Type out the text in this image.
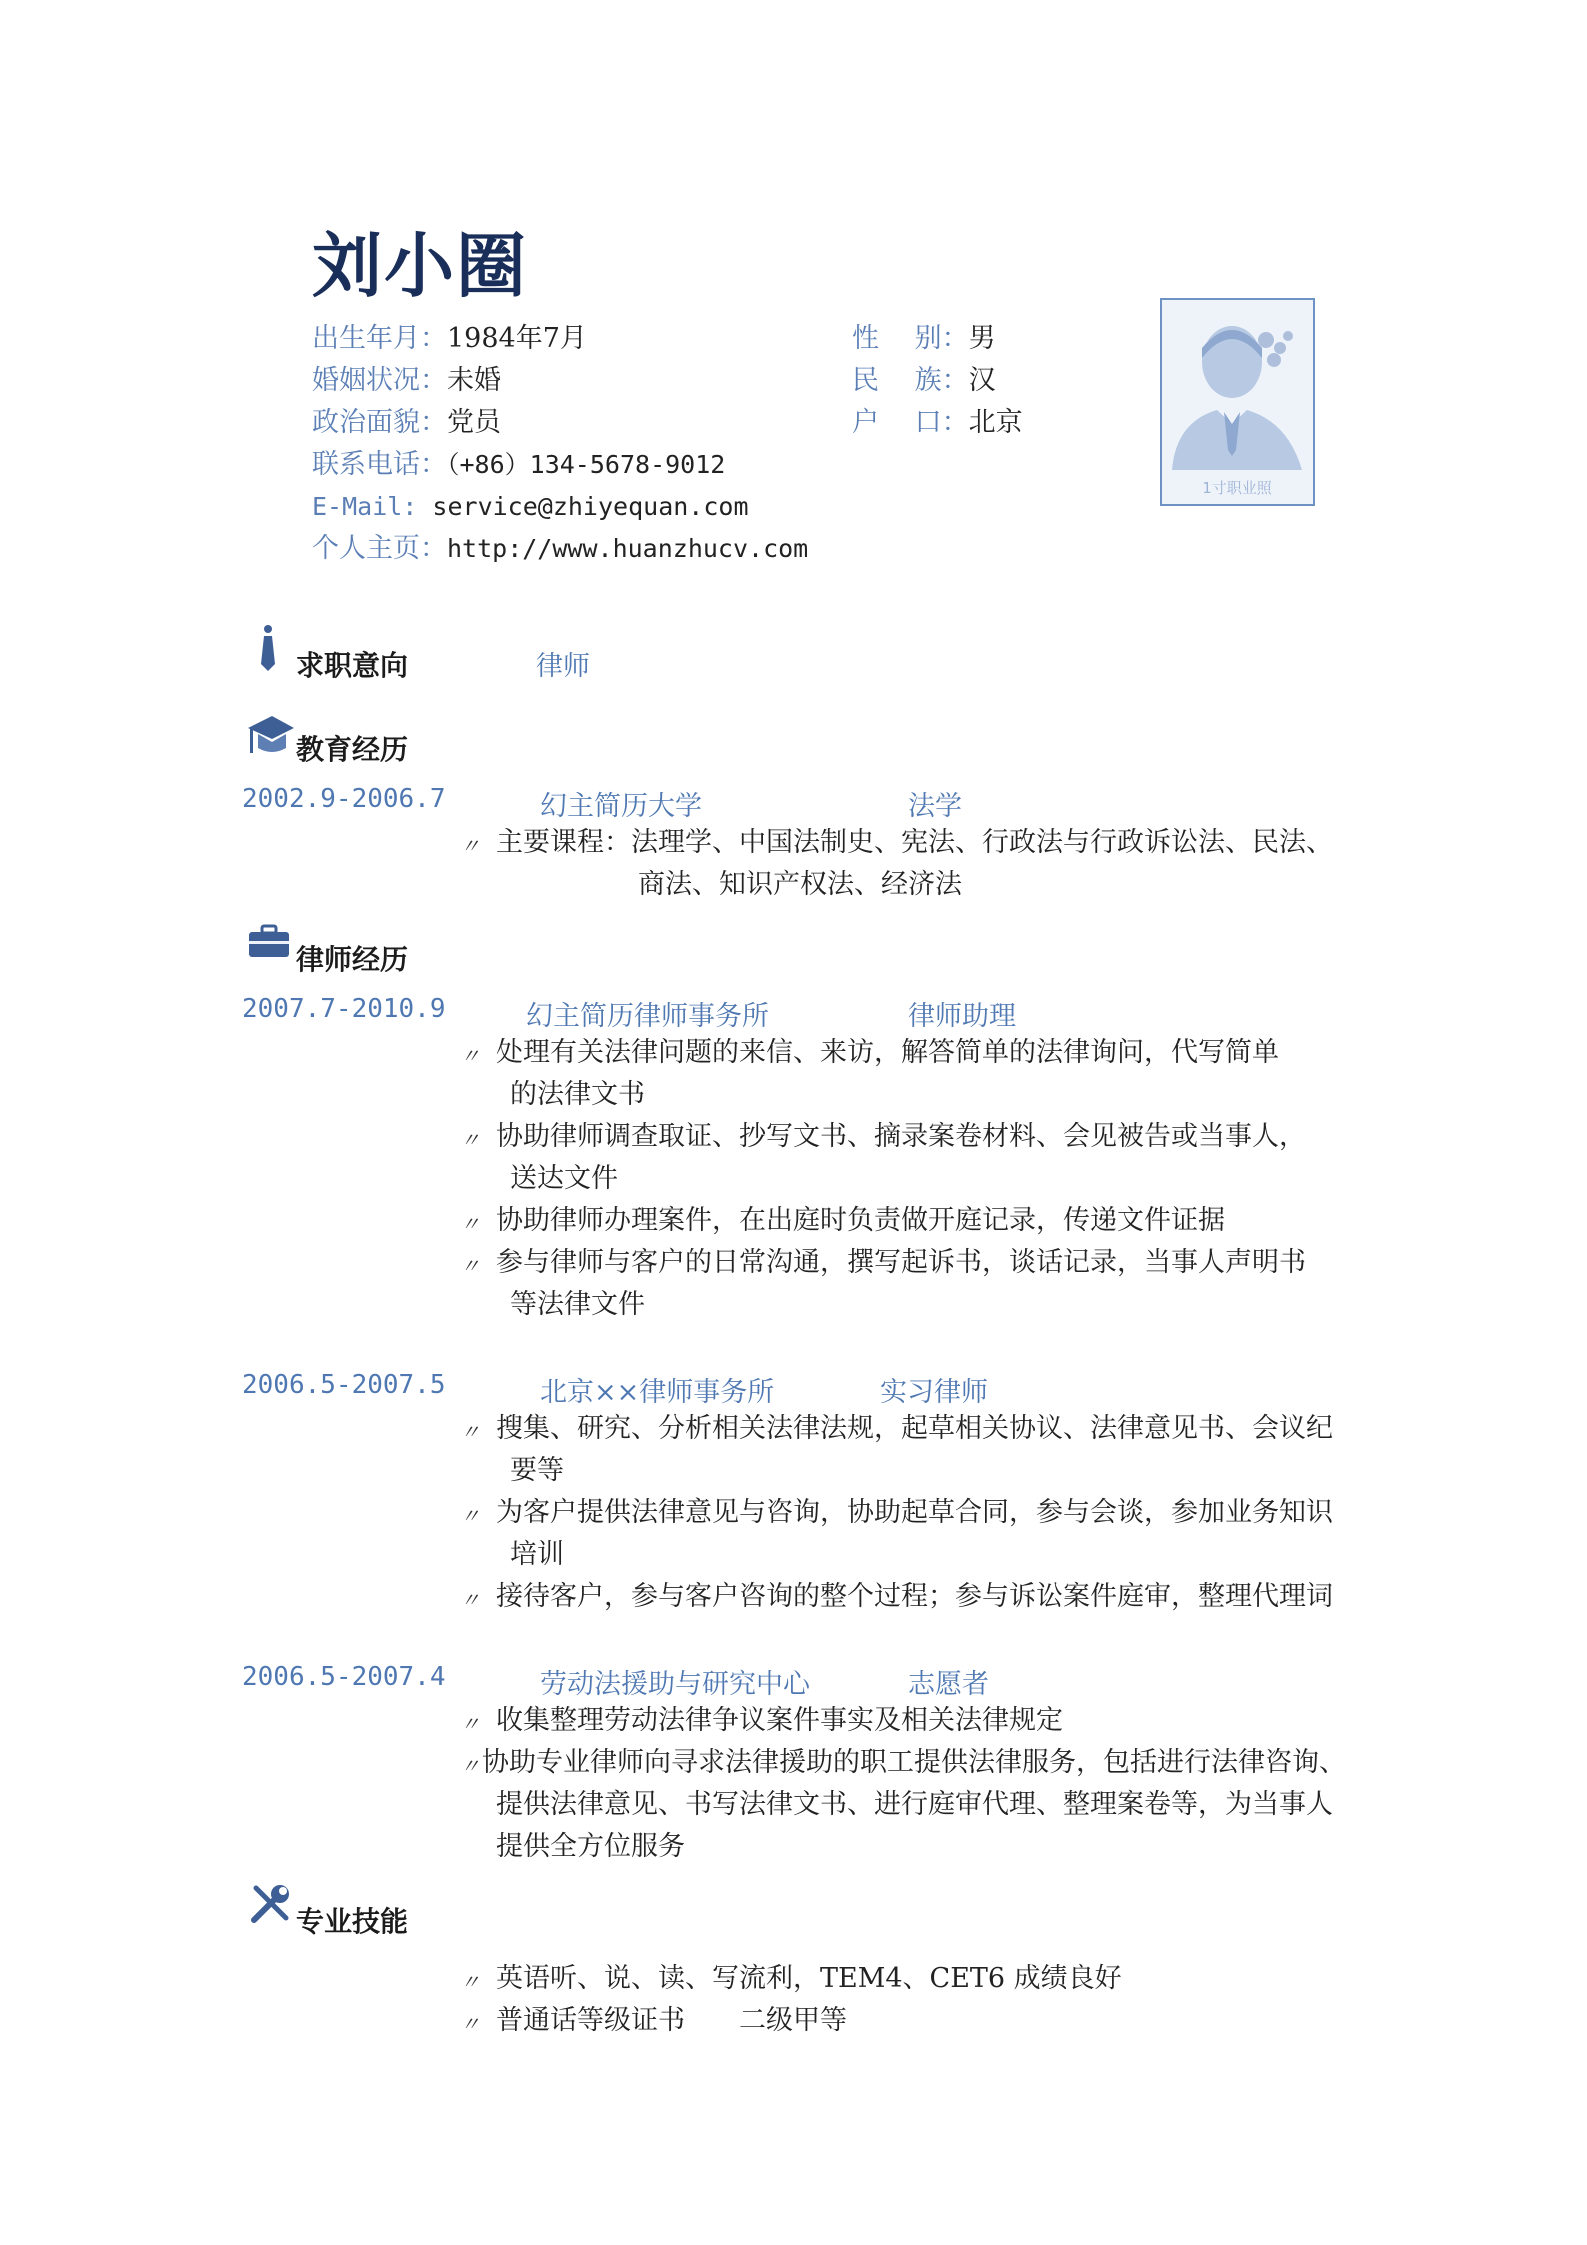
刘小圈
出生年月：1984年7月	性　 别：男
婚姻状况：未婚	民　 族：汉
政治面貌：党员	户　 口：北京
联系电话：（+86）134-5678-9012
E-Mail: service@zhiyequan.com
个人主页：http://www.huanzhucv.com
1寸职业照
求职意向	律师
教育经历
2002.9-2006.7	幻主简历大学	法学
〃 主要课程：法理学、中国法制史、宪法、行政法与行政诉讼法、民法、
商法、知识产权法、经济法
律师经历
2007.7-2010.9	幻主简历律师事务所	律师助理
〃 处理有关法律问题的来信、来访，解答简单的法律询问，代写简单
的法律文书
〃 协助律师调查取证、抄写文书、摘录案卷材料、会见被告或当事人，
送达文件
〃 协助律师办理案件，在出庭时负责做开庭记录，传递文件证据
〃 参与律师与客户的日常沟通，撰写起诉书，谈话记录，当事人声明书
等法律文件
2006.5-2007.5	北京××律师事务所	实习律师
〃 搜集、研究、分析相关法律法规，起草相关协议、法律意见书、会议纪
要等
〃 为客户提供法律意见与咨询，协助起草合同，参与会谈，参加业务知识
培训
〃 接待客户，参与客户咨询的整个过程；参与诉讼案件庭审，整理代理词
2006.5-2007.4	劳动法援助与研究中心	志愿者
〃 收集整理劳动法律争议案件事实及相关法律规定
〃 协助专业律师向寻求法律援助的职工提供法律服务，包括进行法律咨询、
提供法律意见、书写法律文书、进行庭审代理、整理案卷等，为当事人
提供全方位服务
专业技能
〃 英语听、说、读、写流利，TEM4、CET6 成绩良好
〃 普通话等级证书　　二级甲等
